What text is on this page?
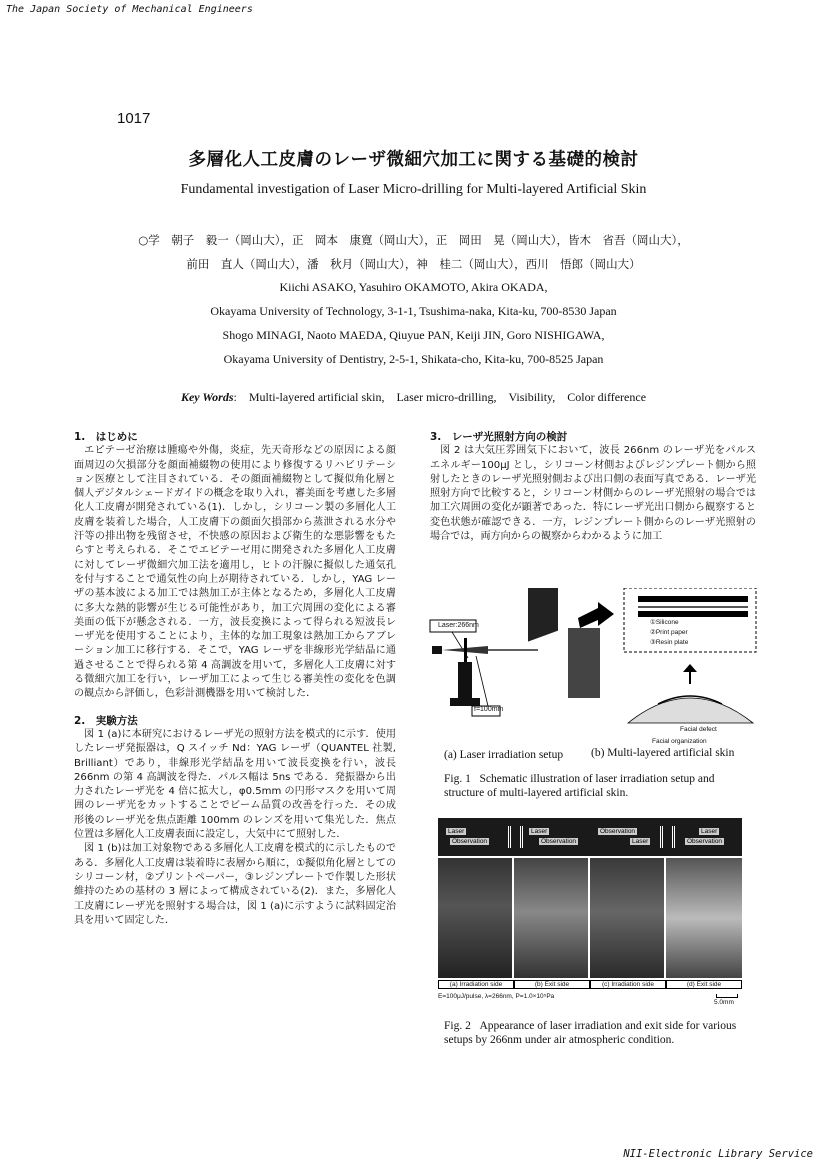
The Japan Society of Mechanical Engineers
NII-Electronic Library Service
1017
多層化人工皮膚のレーザ微細穴加工に関する基礎的検討
Fundamental investigation of Laser Micro-drilling for Multi-layered Artificial Skin
○学　朝子　毅一（岡山大），正　岡本　康寛（岡山大），正　岡田　晃（岡山大），皆木　省吾（岡山大），
前田　直人（岡山大），潘　秋月（岡山大），神　桂二（岡山大），西川　悟郎（岡山大）
Kiichi ASAKO, Yasuhiro OKAMOTO, Akira OKADA,
Okayama University of Technology, 3-1-1, Tsushima-naka, Kita-ku, 700-8530 Japan
Shogo MINAGI, Naoto MAEDA, Qiuyue PAN, Keiji JIN, Goro NISHIGAWA,
Okayama University of Dentistry, 2-5-1, Shikata-cho, Kita-ku, 700-8525 Japan
Key Words:　Multi-layered artificial skin,　Laser micro-drilling,　Visibility,　Color difference
1.　はじめに

エピテーゼ治療は腫瘍や外傷，炎症，先天奇形などの原因による顔面周辺の欠損部分を顔面補綴物の使用により修復するリハビリテーション医療として注目されている．その顔面補綴物として擬似角化層と個人デジタルシェードガイドの概念を取り入れ，審美面を考慮した多層化人工皮膚が開発されている(1)．しかし，シリコーン製の多層化人工皮膚を装着した場合，人工皮膚下の顔面欠損部から蒸泄される水分や汗等の排出物を残留させ，不快感の原因および衛生的な悪影響をもたらすと考えられる．そこでエピテーゼ用に開発された多層化人工皮膚に対してレーザ微細穴加工法を適用し，ヒトの汗腺に擬似した通気孔を付与することで通気性の向上が期待されている．しかし，YAG レーザの基本波による加工では熱加工が主体となるため，多層化人工皮膚に多大な熱的影響が生じる可能性があり，加工穴周囲の変化による審美面の低下が懸念される．一方，波長変換によって得られる短波長レーザ光を使用することにより，主体的な加工現象は熱加工からアブレーション加工に移行する．そこで，YAG レーザを非線形光学結晶に通過させることで得られる第 4 高調波を用いて，多層化人工皮膚に対する微細穴加工を行い，レーザ加工によって生じる審美性の変化を色調の観点から評価し，色彩計測機器を用いて検討した．

2.　実験方法

図 1 (a)に本研究におけるレーザ光の照射方法を模式的に示す．使用したレーザ発振器は，Q スイッチ Nd：YAG レーザ（QUANTEL 社製, Brilliant）であり，非線形光学結晶を用いて波長変換を行い，波長 266nm の第 4 高調波を得た．パルス幅は 5ns である．発振器から出力されたレーザ光を 4 倍に拡大し，φ0.5mm の円形マスクを用いて周囲のレーザ光をカットすることでビーム品質の改善を行った．その成形後のレーザ光を焦点距離 100mm のレンズを用いて集光した．焦点位置は多層化人工皮膚表面に設定し，大気中にて照射した．

図 1 (b)は加工対象物である多層化人工皮膚を模式的に示したものである．多層化人工皮膚は装着時に表層から順に，①擬似角化層としてのシリコーン材，②プリントペーパー，③レジンプレートで作製した形状維持のための基材の 3 層によって構成されている(2)．また，多層化人工皮膚にレーザ光を照射する場合は，図 1 (a)に示すように試料固定治具を用いて固定した．

3.　レーザ光照射方向の検討

図 2 は大気圧雰囲気下において，波長 266nm のレーザ光をパルスエネルギー100μJ とし，シリコーン材側およびレジンプレート側から照射したときのレーザ光照射側および出口側の表面写真である．レーザ光照射方向で比較すると，シリコーン材側からのレーザ光照射の場合では加工穴周囲の変化が顕著であった．特にレーザ光出口側から観察すると変色状態が確認できる．一方，レジンプレート側からのレーザ光照射の場合では，両方向からの観察からわかるように加工

Laser:266nm
f=100mm
①Silicone
②Print paper
③Resin plate
Facial defect
Facial organization
(a) Laser irradiation setup (b) Multi-layered artificial skin
Fig. 1 Schematic illustration of laser irradiation setup and structure of multi-layered artificial skin.
Laser
Observation
Laser
Observation
Observation
Laser
Laser
Observation
(a) Irradiation side	(b) Exit side	(c) Irradiation side	(d) Exit side
E=100μJ/pulse, λ=266nm, P=1.0×10⁵Pa
5.0mm
Fig. 2 Appearance of laser irradiation and exit side for various setups by 266nm under air atmospheric condition.
